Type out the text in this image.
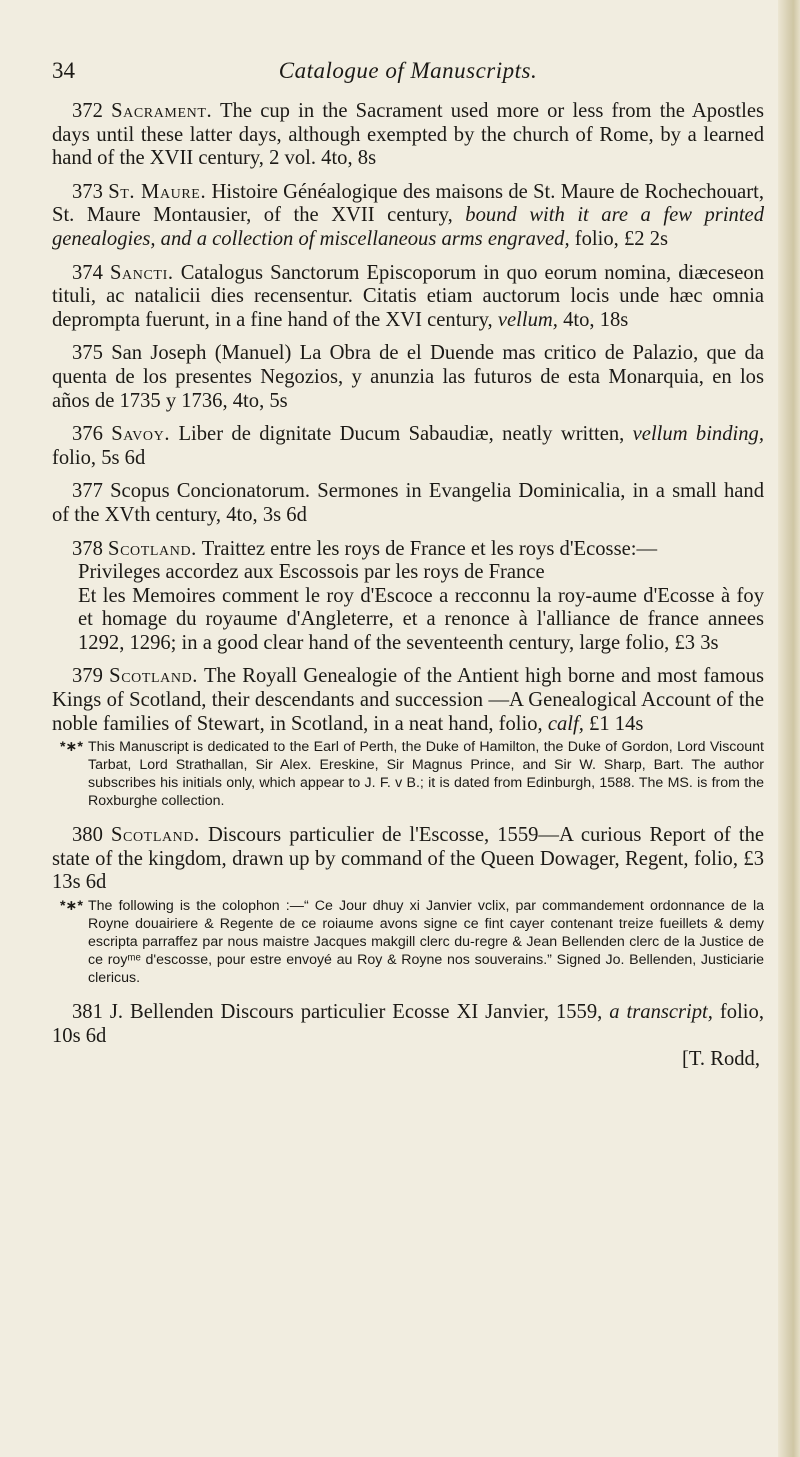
34	Catalogue of Manuscripts.

372 Sacrament. The cup in the Sacrament used more or less from the Apostles days until these latter days, although exempted by the church of Rome, by a learned hand of the XVII century, 2 vol. 4to, 8s

373 St. Maure. Histoire Généalogique des maisons de St. Maure de Rochechouart, St. Maure Montausier, of the XVII century, bound with it are a few printed genealogies, and a collection of miscellaneous arms engraved, folio, £2 2s

374 Sancti. Catalogus Sanctorum Episcoporum in quo eorum nomina, diæceseon tituli, ac natalicii dies recensentur. Citatis etiam auctorum locis unde hæc omnia deprompta fuerunt, in a fine hand of the XVI century, vellum, 4to, 18s

375 San Joseph (Manuel) La Obra de el Duende mas critico de Palazio, que da quenta de los presentes Negozios, y anunzia las futuros de esta Monarquia, en los años de 1735 y 1736, 4to, 5s

376 Savoy. Liber de dignitate Ducum Sabaudiæ, neatly written, vellum binding, folio, 5s 6d

377 Scopus Concionatorum. Sermones in Evangelia Dominicalia, in a small hand of the XVth century, 4to, 3s 6d

378 Scotland. Traittez entre les roys de France et les roys d'Ecosse:—

Privileges accordez aux Escossois par les roys de France

Et les Memoires comment le roy d'Escoce a recconnu la roy-aume d'Ecosse à foy et homage du royaume d'Angleterre, et a renonce à l'alliance de france annees 1292, 1296; in a good clear hand of the seventeenth century, large folio, £3 3s

379 Scotland. The Royall Genealogie of the Antient high borne and most famous Kings of Scotland, their descendants and succession —A Genealogical Account of the noble families of Stewart, in Scotland, in a neat hand, folio, calf, £1 14s

*∗* This Manuscript is dedicated to the Earl of Perth, the Duke of Hamilton, the Duke of Gordon, Lord Viscount Tarbat, Lord Strathallan, Sir Alex. Ereskine, Sir Magnus Prince, and Sir W. Sharp, Bart. The author subscribes his initials only, which appear to J. F. v B.; it is dated from Edinburgh, 1588. The MS. is from the Roxburghe collection.

380 Scotland. Discours particulier de l'Escosse, 1559—A curious Report of the state of the kingdom, drawn up by command of the Queen Dowager, Regent, folio, £3 13s 6d

*∗* The following is the colophon :—“ Ce Jour dhuy xi Janvier vclix, par commandement ordonnance de la Royne douairiere & Regente de ce roiaume avons signe ce fint cayer contenant treize fueillets & demy escripta parraffez par nous maistre Jacques makgill clerc du-regre & Jean Bellenden clerc de la Justice de ce royᵐᵉ d'escosse, pour estre envoyé au Roy & Royne nos souverains.” Signed Jo. Bellenden, Justiciarie clericus.

381 J. Bellenden Discours particulier Ecosse XI Janvier, 1559, a transcript, folio, 10s 6d

[T. Rodd,
